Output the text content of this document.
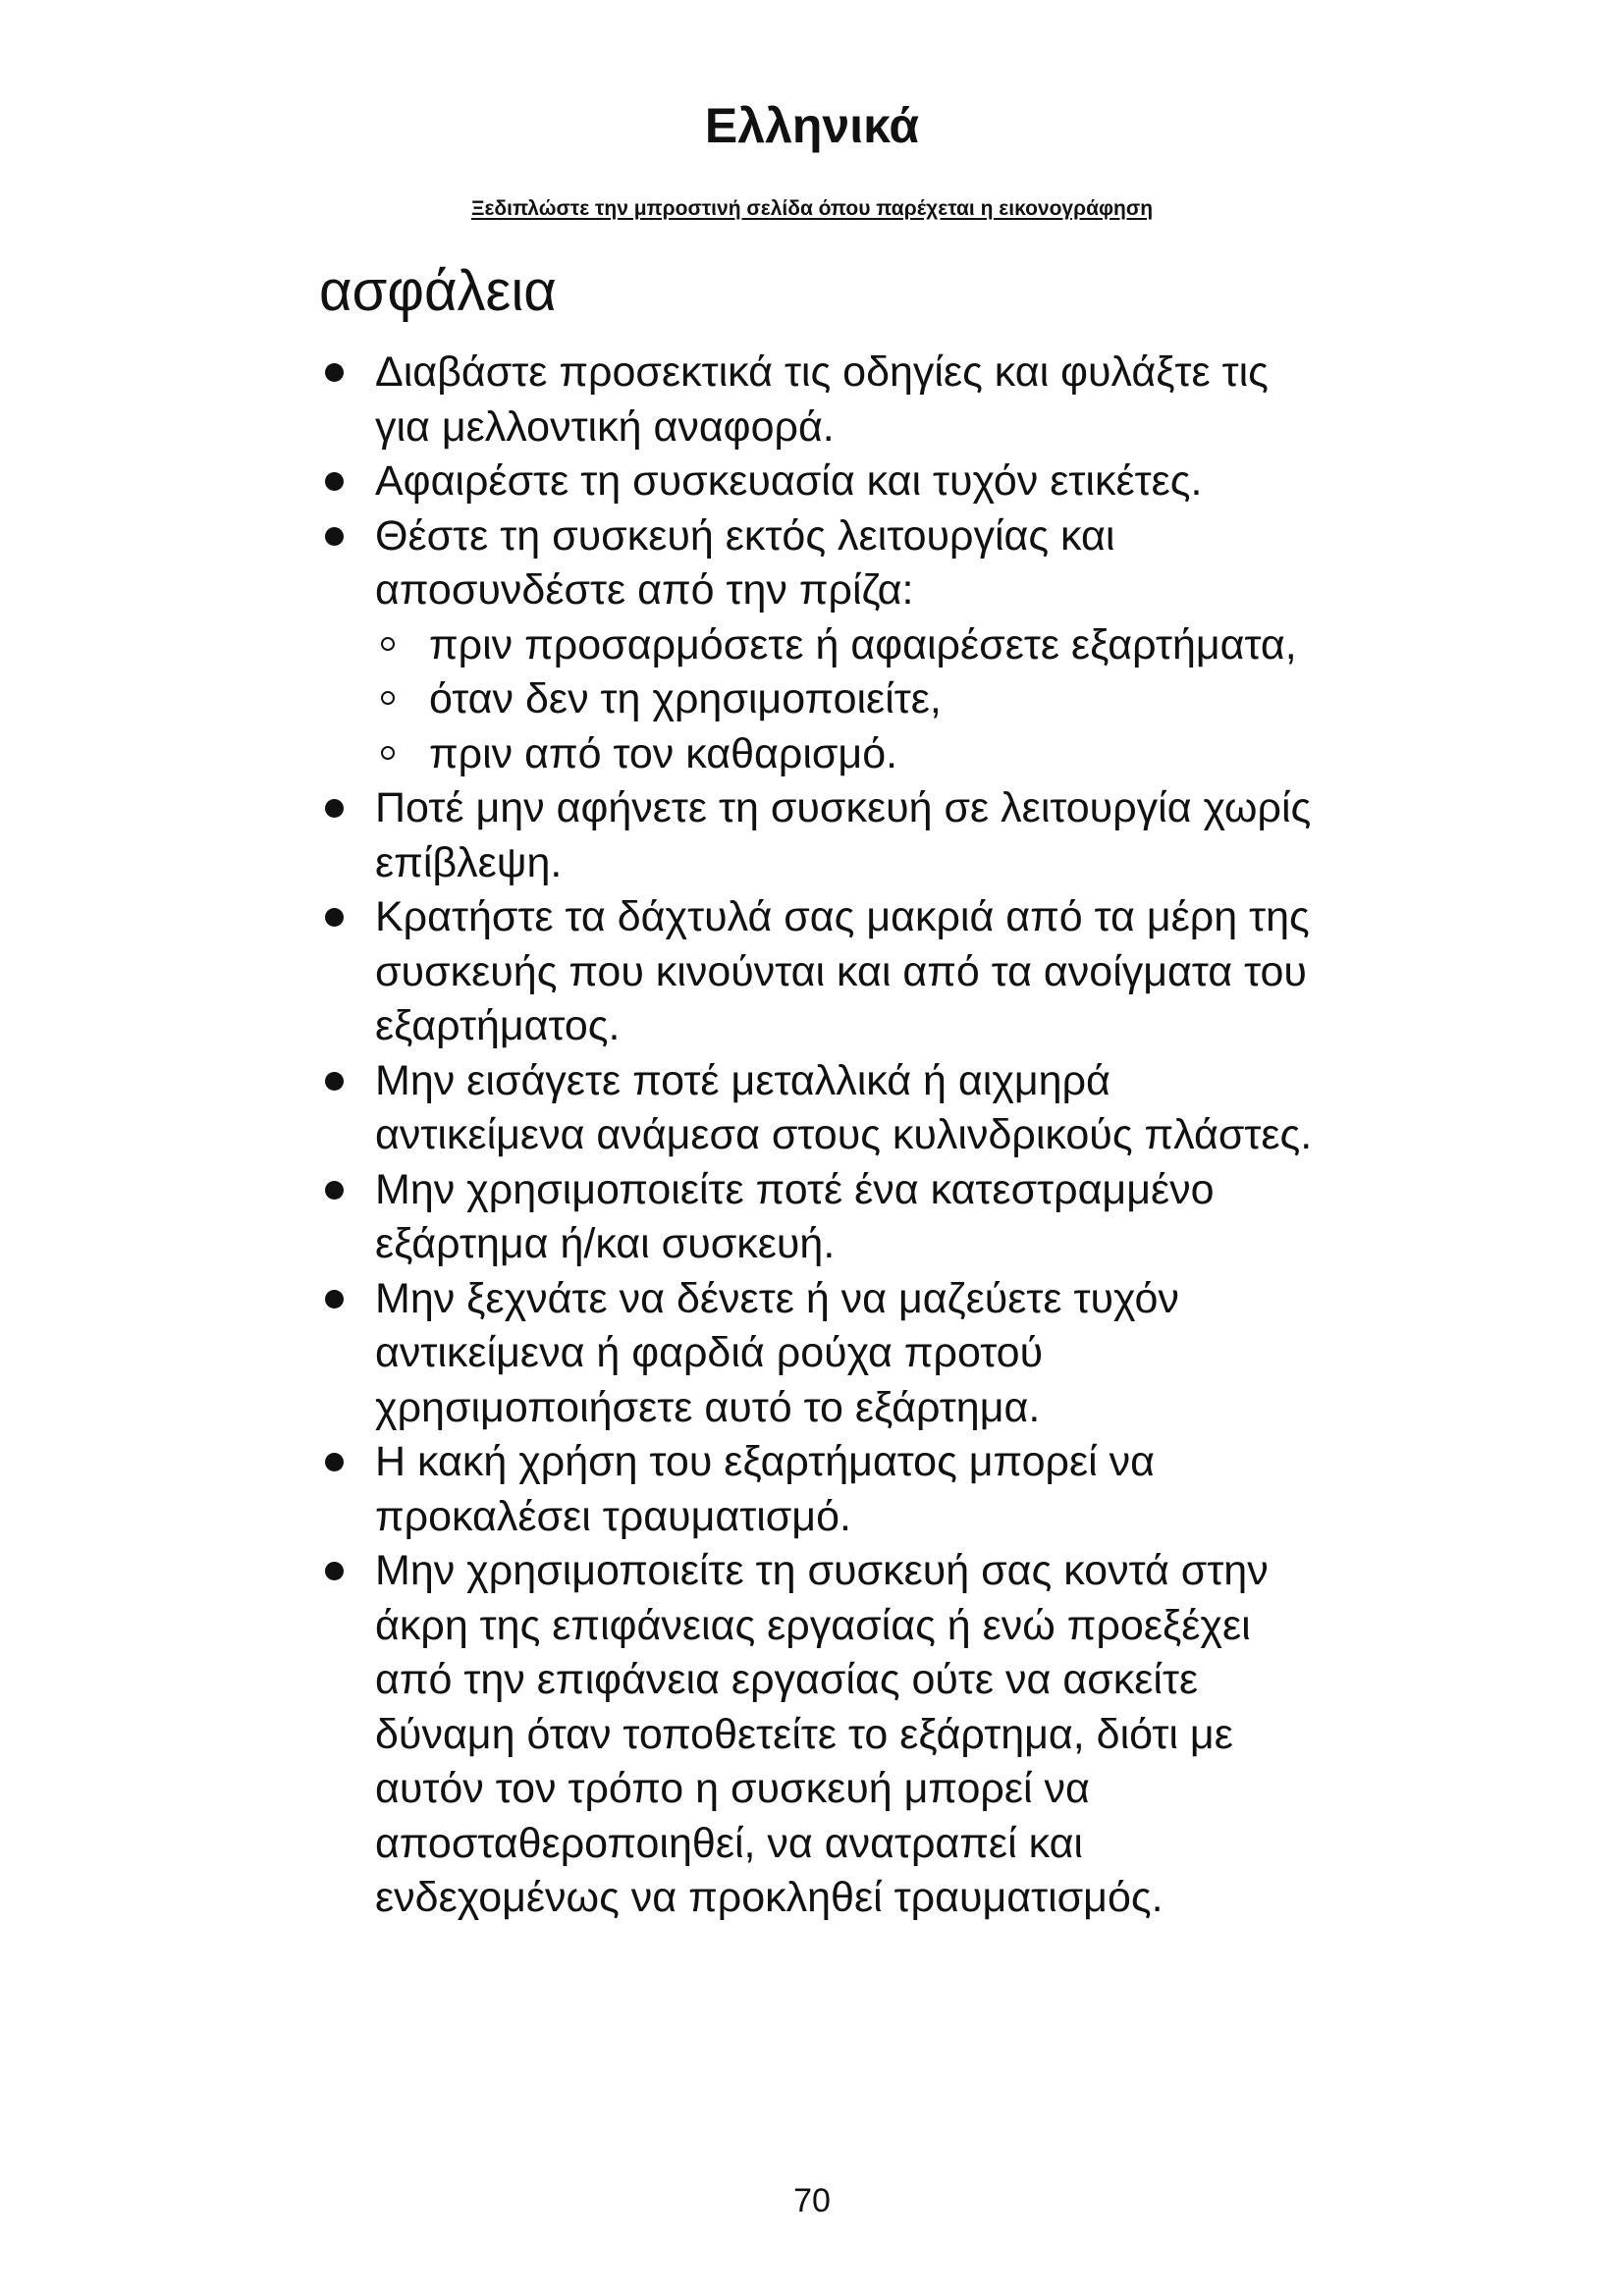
Ελληνικά
Ξεδιπλώστε την μπροστινή σελίδα όπου παρέχεται η εικονογράφηση
ασφάλεια
Διαβάστε προσεκτικά τις οδηγίες και φυλάξτε τις για μελλοντική αναφορά.
Αφαιρέστε τη συσκευασία και τυχόν ετικέτες.
Θέστε τη συσκευή εκτός λειτουργίας και αποσυνδέστε από την πρίζα:
πριν προσαρμόσετε ή αφαιρέσετε εξαρτήματα,
όταν δεν τη χρησιμοποιείτε,
πριν από τον καθαρισμό.
Ποτέ μην αφήνετε τη συσκευή σε λειτουργία χωρίς επίβλεψη.
Κρατήστε τα δάχτυλά σας μακριά από τα μέρη της συσκευής που κινούνται και από τα ανοίγματα του εξαρτήματος.
Μην εισάγετε ποτέ μεταλλικά ή αιχμηρά αντικείμενα ανάμεσα στους κυλινδρικούς πλάστες.
Μην χρησιμοποιείτε ποτέ ένα κατεστραμμένο εξάρτημα ή/και συσκευή.
Μην ξεχνάτε να δένετε ή να μαζεύετε τυχόν αντικείμενα ή φαρδιά ρούχα προτού χρησιμοποιήσετε αυτό το εξάρτημα.
Η κακή χρήση του εξαρτήματος μπορεί να προκαλέσει τραυματισμό.
Μην χρησιμοποιείτε τη συσκευή σας κοντά στην άκρη της επιφάνειας εργασίας ή ενώ προεξέχει από την επιφάνεια εργασίας ούτε να ασκείτε δύναμη όταν τοποθετείτε το εξάρτημα, διότι με αυτόν τον τρόπο η συσκευή μπορεί να αποσταθεροποιηθεί, να ανατραπεί και ενδεχομένως να προκληθεί τραυματισμός.
70
